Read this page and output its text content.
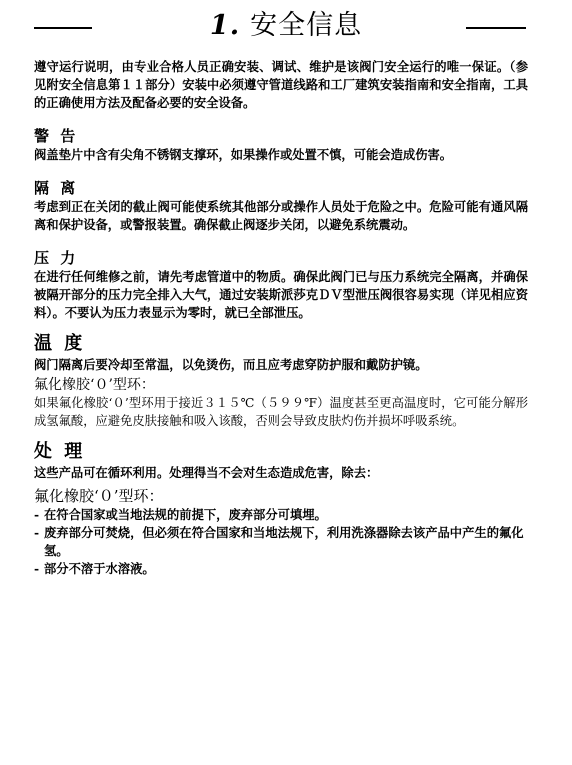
1. 安全信息

遵守运行说明，由专业合格人员正确安装、调试、维护是该阀门安全运行的唯一保证。（参见附安全信息第１１部分）安装中必须遵守管道线路和工厂建筑安装指南和安全指南，工具的正确使用方法及配备必要的安全设备。

警 告

阀盖垫片中含有尖角不锈钢支撑环，如果操作或处置不慎，可能会造成伤害。

隔 离

考虑到正在关闭的截止阀可能使系统其他部分或操作人员处于危险之中。危险可能有通风隔离和保护设备，或警报装置。确保截止阀逐步关闭，以避免系统震动。

压 力

在进行任何维修之前，请先考虑管道中的物质。确保此阀门已与压力系统完全隔离，并确保被隔开部分的压力完全排入大气，通过安装斯派莎克ＤＶ型泄压阀很容易实现（详见相应资料）。不要认为压力表显示为零时，就已全部泄压。

温 度

阀门隔离后要冷却至常温，以免烫伤，而且应考虑穿防护服和戴防护镜。

氟化橡胶‘０’型环：

如果氟化橡胶‘０’型环用于接近３１５℃（５９９℉）温度甚至更高温度时，它可能分解形成氢氟酸，应避免皮肤接触和吸入该酸，否则会导致皮肤灼伤并损坏呼吸系统。

处 理

这些产品可在循环利用。处理得当不会对生态造成危害，除去：

氟化橡胶‘０’型环：
- 在符合国家或当地法规的前提下，废弃部分可填埋。
- 废弃部分可焚烧，但必须在符合国家和当地法规下，利用洗涤器除去该产品中产生的氟化氢。
- 部分不溶于水溶液。
